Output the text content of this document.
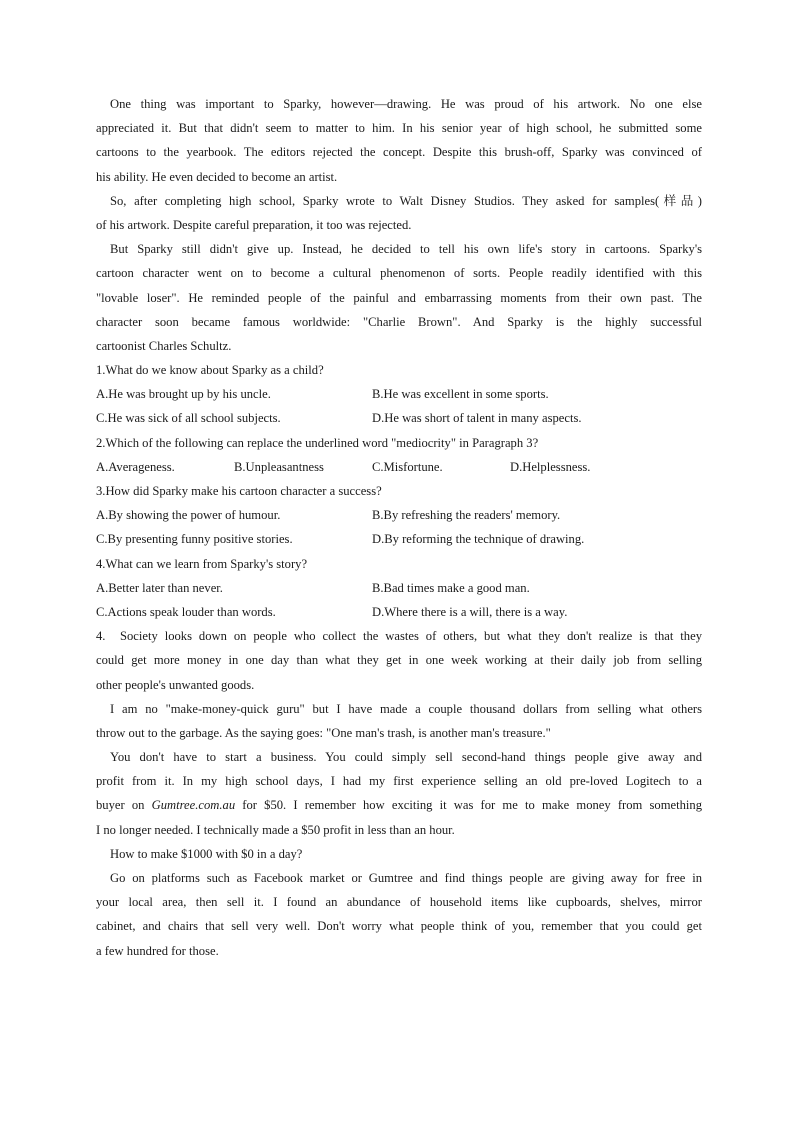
One thing was important to Sparky, however—drawing. He was proud of his artwork. No one else
appreciated it. But that didn't seem to matter to him. In his senior year of high school, he submitted some
cartoons to the yearbook. The editors rejected the concept. Despite this brush-off, Sparky was convinced of
his ability. He even decided to become an artist.
So, after completing high school, Sparky wrote to Walt Disney Studios. They asked for samples(样品)
of his artwork. Despite careful preparation, it too was rejected.
But Sparky still didn't give up. Instead, he decided to tell his own life's story in cartoons. Sparky's
cartoon character went on to become a cultural phenomenon of sorts. People readily identified with this
"lovable loser". He reminded people of the painful and embarrassing moments from their own past. The
character soon became famous worldwide: "Charlie Brown". And Sparky is the highly successful
cartoonist Charles Schultz.
1.What do we know about Sparky as a child?
A.He was brought up by his uncle.	B.He was excellent in some sports.
C.He was sick of all school subjects.	D.He was short of talent in many aspects.
2.Which of the following can replace the underlined word "mediocrity" in Paragraph 3?
A.Averageness.	B.Unpleasantness	C.Misfortune.	D.Helplessness.
3.How did Sparky make his cartoon character a success?
A.By showing the power of humour.	B.By refreshing the readers' memory.
C.By presenting funny positive stories.	D.By reforming the technique of drawing.
4.What can we learn from Sparky's story?
A.Better later than never.	B.Bad times make a good man.
C.Actions speak louder than words.	D.Where there is a will, there is a way.
4.	Society looks down on people who collect the wastes of others, but what they don't realize is that they
could get more money in one day than what they get in one week working at their daily job from selling
other people's unwanted goods.
I am no "make-money-quick guru" but I have made a couple thousand dollars from selling what others
throw out to the garbage. As the saying goes: "One man's trash, is another man's treasure."
You don't have to start a business. You could simply sell second-hand things people give away and
profit from it. In my high school days, I had my first experience selling an old pre-loved Logitech to a
buyer on Gumtree.com.au for $50. I remember how exciting it was for me to make money from something
I no longer needed. I technically made a $50 profit in less than an hour.
How to make $1000 with $0 in a day?
Go on platforms such as Facebook market or Gumtree and find things people are giving away for free in
your local area, then sell it. I found an abundance of household items like cupboards, shelves, mirror
cabinet, and chairs that sell very well. Don't worry what people think of you, remember that you could get
a few hundred for those.
